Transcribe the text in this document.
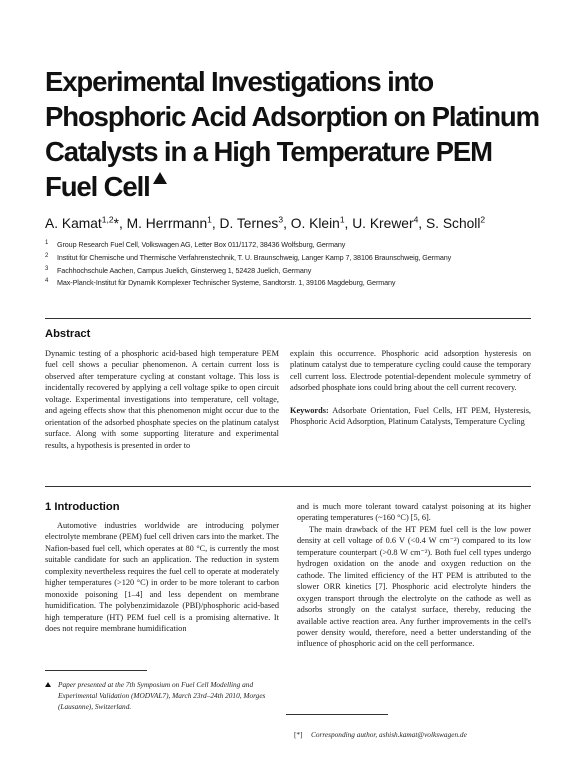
Experimental Investigations into
Phosphoric Acid Adsorption on Platinum
Catalysts in a High Temperature PEM
Fuel Cell
A. Kamat$^{1,2}$*, M. Herrmann$^1$, D. Ternes$^3$, O. Klein$^1$, U. Krewer$^4$, S. Scholl$^2$
1 Group Research Fuel Cell, Volkswagen AG, Letter Box 011/1172, 38436 Wolfsburg, Germany
2 Institut für Chemische und Thermische Verfahrenstechnik, T. U. Braunschweig, Langer Kamp 7, 38106 Braunschweig, Germany
3 Fachhochschule Aachen, Campus Juelich, Ginsterweg 1, 52428 Juelich, Germany
4 Max-Planck-Institut für Dynamik Komplexer Technischer Systeme, Sandtorstr. 1, 39106 Magdeburg, Germany
Abstract

Dynamic testing of a phosphoric acid-based high temperature PEM fuel cell shows a peculiar phenomenon. A certain current loss is observed after temperature cycling at constant voltage. This loss is incidentally recovered by applying a cell voltage spike to open circuit voltage. Experimental investigations into temperature, cell voltage, and ageing effects show that this phenomenon might occur due to the orientation of the adsorbed phosphate species on the platinum catalyst surface. Along with some supporting literature and experimental results, a hypothesis is presented in order to

explain this occurrence. Phosphoric acid adsorption hysteresis on platinum catalyst due to temperature cycling could cause the temporary cell current loss. Electrode potential-dependent molecule symmetry of adsorbed phosphate ions could bring about the cell current recovery.

Keywords: Adsorbate Orientation, Fuel Cells, HT PEM, Hysteresis, Phosphoric Acid Adsorption, Platinum Catalysts, Temperature Cycling

1 Introduction

Automotive industries worldwide are introducing polymer electrolyte membrane (PEM) fuel cell driven cars into the market. The Nafion-based fuel cell, which operates at 80 °C, is currently the most suitable candidate for such an application. The reduction in system complexity nevertheless requires the fuel cell to operate at moderately higher temperatures (>120 °C) in order to be more tolerant to carbon monoxide poisoning [1–4] and less dependent on membrane humidification. The polybenzimidazole (PBI)/phosphoric acid-based high temperature (HT) PEM fuel cell is a promising alternative. It does not require membrane humidification

and is much more tolerant toward catalyst poisoning at its higher operating temperatures (~160 °C) [5, 6].

The main drawback of the HT PEM fuel cell is the low power density at cell voltage of 0.6 V (<0.4 W cm⁻²) compared to its low temperature counterpart (>0.8 W cm⁻²). Both fuel cell types undergo hydrogen oxidation on the anode and oxygen reduction on the cathode. The limited efficiency of the HT PEM is attributed to the slower ORR kinetics [7]. Phosphoric acid electrolyte hinders the oxygen transport through the electrolyte on the cathode as well as adsorbs strongly on the catalyst surface, thereby, reducing the available active reaction area. Any further improvements in the cell's power density would, therefore, need a better understanding of the influence of phosphoric acid on the cell performance.

Paper presented at the 7th Symposium on Fuel Cell Modelling and Experimental Validation (MODVAL7), March 23rd–24th 2010, Morges (Lausanne), Switzerland.
[*] Corresponding author, ashish.kamat@volkswagen.de
